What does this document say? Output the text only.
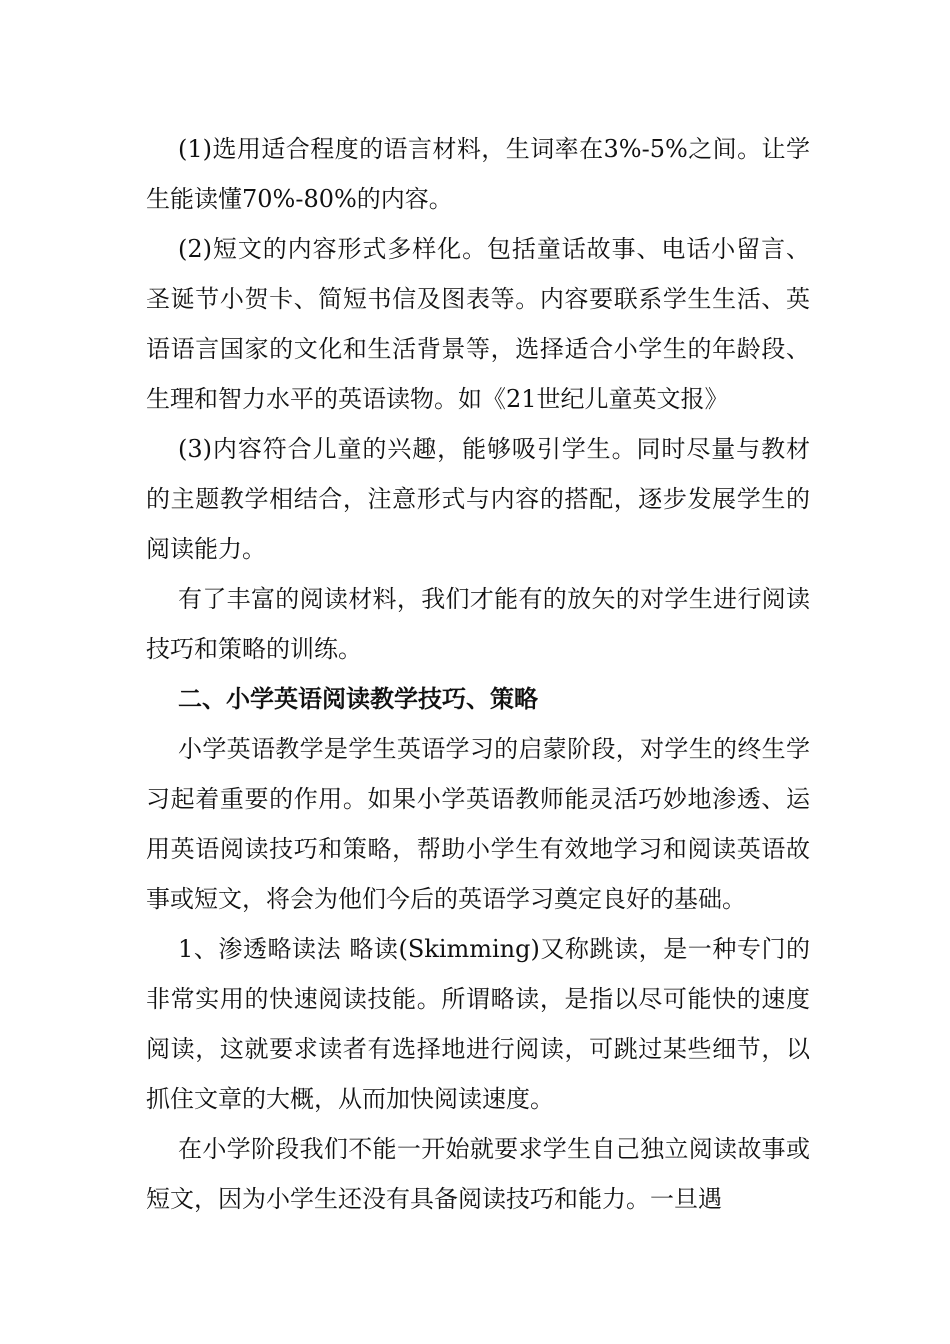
(1)选用适合程度的语言材料，生词率在3%-5%之间。让学生能读懂70%-80%的内容。

(2)短文的内容形式多样化。包括童话故事、电话小留言、圣诞节小贺卡、简短书信及图表等。内容要联系学生生活、英语语言国家的文化和生活背景等，选择适合小学生的年龄段、生理和智力水平的英语读物。如《21世纪儿童英文报》

(3)内容符合儿童的兴趣，能够吸引学生。同时尽量与教材的主题教学相结合，注意形式与内容的搭配，逐步发展学生的阅读能力。

有了丰富的阅读材料，我们才能有的放矢的对学生进行阅读技巧和策略的训练。

二、小学英语阅读教学技巧、策略

小学英语教学是学生英语学习的启蒙阶段，对学生的终生学习起着重要的作用。如果小学英语教师能灵活巧妙地渗透、运用英语阅读技巧和策略，帮助小学生有效地学习和阅读英语故事或短文，将会为他们今后的英语学习奠定良好的基础。

1、渗透略读法 略读(Skimming)又称跳读，是一种专门的非常实用的快速阅读技能。所谓略读，是指以尽可能快的速度阅读，这就要求读者有选择地进行阅读，可跳过某些细节，以抓住文章的大概，从而加快阅读速度。

在小学阶段我们不能一开始就要求学生自己独立阅读故事或短文，因为小学生还没有具备阅读技巧和能力。一旦遇
